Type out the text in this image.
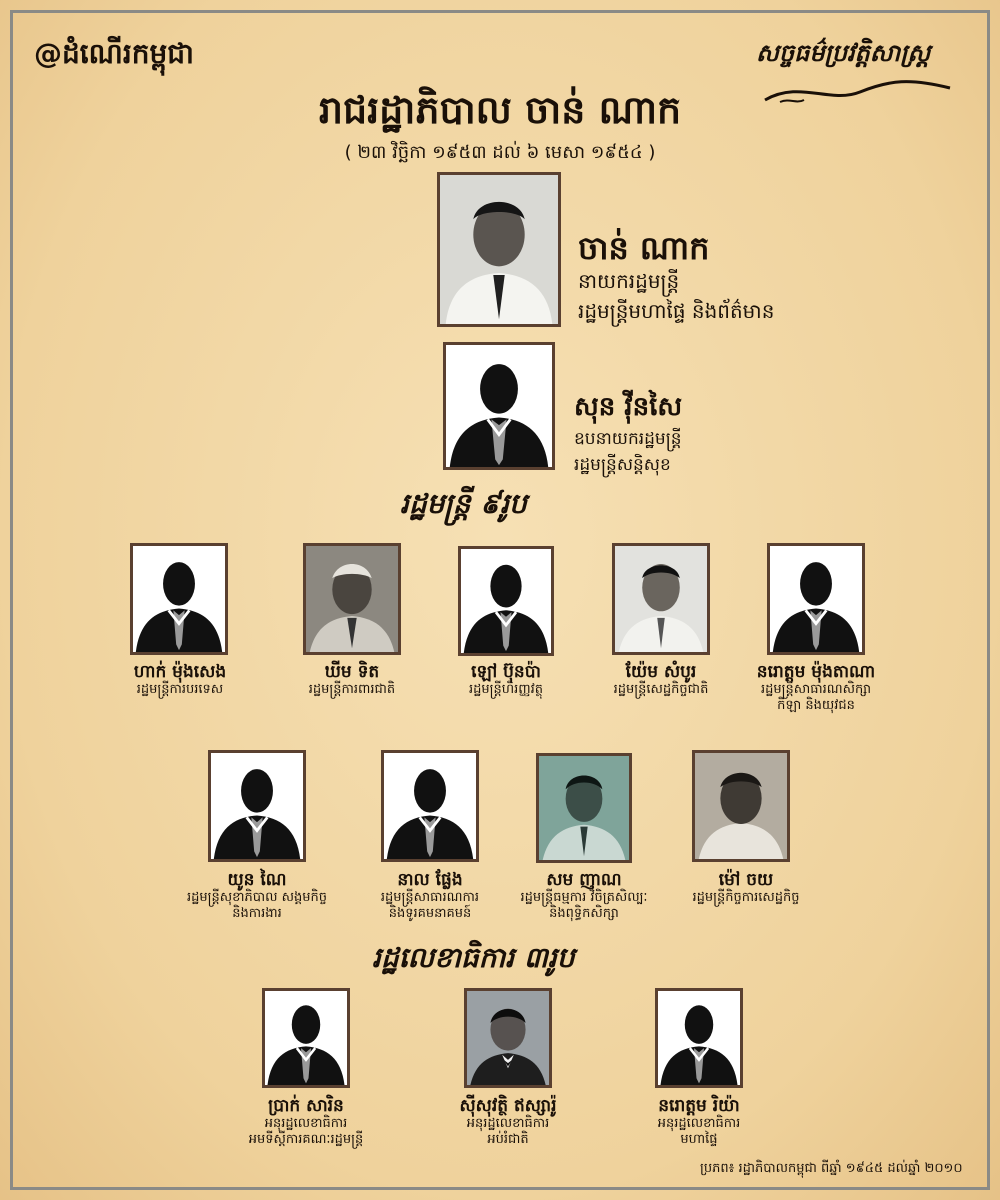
@ដំណើរកម្ពុជា	សច្ចធម៌ប្រវត្តិសាស្ត្រ
រាជរដ្ឋាភិបាល ចាន់ ណាក
( ២៣ វិច្ឆិកា ១៩៥៣ ដល់ ៦ មេសា ១៩៥៤ )
ចាន់ ណាក
នាយករដ្ឋមន្ត្រី
រដ្ឋមន្ត្រីមហាផ្ទៃ និងព័ត៌មាន
សុន វ៉ីនសៃ
ឧបនាយករដ្ឋមន្ត្រី
រដ្ឋមន្ត្រីសន្តិសុខ
រដ្ឋមន្ត្រី ៩រូប
ហាក់ ម៉ុងសេង
រដ្ឋមន្ត្រីការបរទេស
ឃីម ទិត
រដ្ឋមន្ត្រីការពារជាតិ
ឡៅ ប៊ុនប៉ា
រដ្ឋមន្ត្រីហិរញ្ញវត្ថុ
យ៉ែម សំបូរ
រដ្ឋមន្ត្រីសេដ្ឋកិច្ចជាតិ
នរោត្តម ម៉ុងតាណា
រដ្ឋមន្ត្រីសាធារណសិក្សា
កីឡា និងយុវជន
យូន ណៃ
រដ្ឋមន្ត្រីសុខាភិបាល សង្គមកិច្ច
និងការងារ
នាល ផ្លែង
រដ្ឋមន្ត្រីសាធារណការ
និងទូរគមនាគមន៍
សម ញាណ
រដ្ឋមន្ត្រីធម្មការ វិចិត្រសិល្បៈ
និងពុទ្ធិកសិក្សា
ម៉ៅ ចយ
រដ្ឋមន្ត្រីកិច្ចការសេដ្ឋកិច្ច
រដ្ឋលេខាធិការ ៣រូប
ប្រាក់ សារិន
អនុរដ្ឋលេខាធិការ
អមទីស្តីការគណៈរដ្ឋមន្ត្រី
ស៊ីសុវត្ថិ ឥស្សារ៉ូ
អនុរដ្ឋលេខាធិការ
អប់រំជាតិ
នរោត្តម រិយ៉ា
អនុរដ្ឋលេខាធិការ
មហាផ្ទៃ
ប្រភព៖ រដ្ឋាភិបាលកម្ពុជា ពីឆ្នាំ ១៩៤៥ ដល់ឆ្នាំ ២០១០
